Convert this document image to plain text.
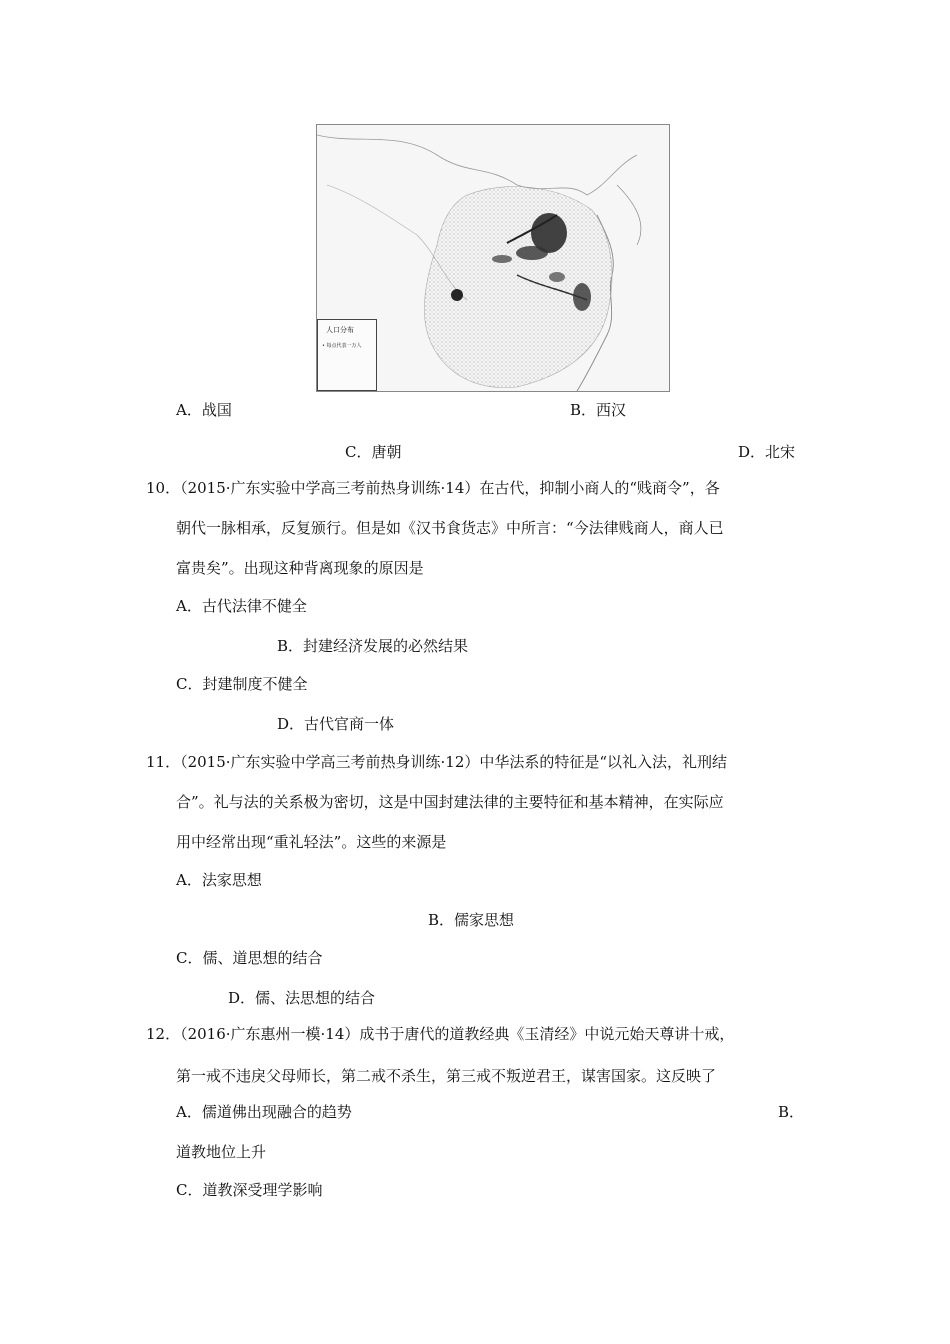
人口分布
• 每点代表一万人
A．战国	B．西汉
C．唐朝	D．北宋
10．（2015·广东实验中学高三考前热身训练·14）在古代，抑制小商人的“贱商令”，各
朝代一脉相承，反复颁行。但是如《汉书食货志》中所言：“今法律贱商人，商人已
富贵矣”。出现这种背离现象的原因是
A．古代法律不健全
B．封建经济发展的必然结果
C．封建制度不健全
D．古代官商一体
11．（2015·广东实验中学高三考前热身训练·12）中华法系的特征是“以礼入法，礼刑结
合”。礼与法的关系极为密切，这是中国封建法律的主要特征和基本精神，在实际应
用中经常出现“重礼轻法”。这些的来源是
A．法家思想
B．儒家思想
C．儒、道思想的结合
D．儒、法思想的结合
12．（2016·广东惠州一模·14）成书于唐代的道教经典《玉清经》中说元始天尊讲十戒，
第一戒不违戾父母师长，第二戒不杀生，第三戒不叛逆君王，谋害国家。这反映了
A．儒道佛出现融合的趋势	B．
道教地位上升
C．道教深受理学影响
